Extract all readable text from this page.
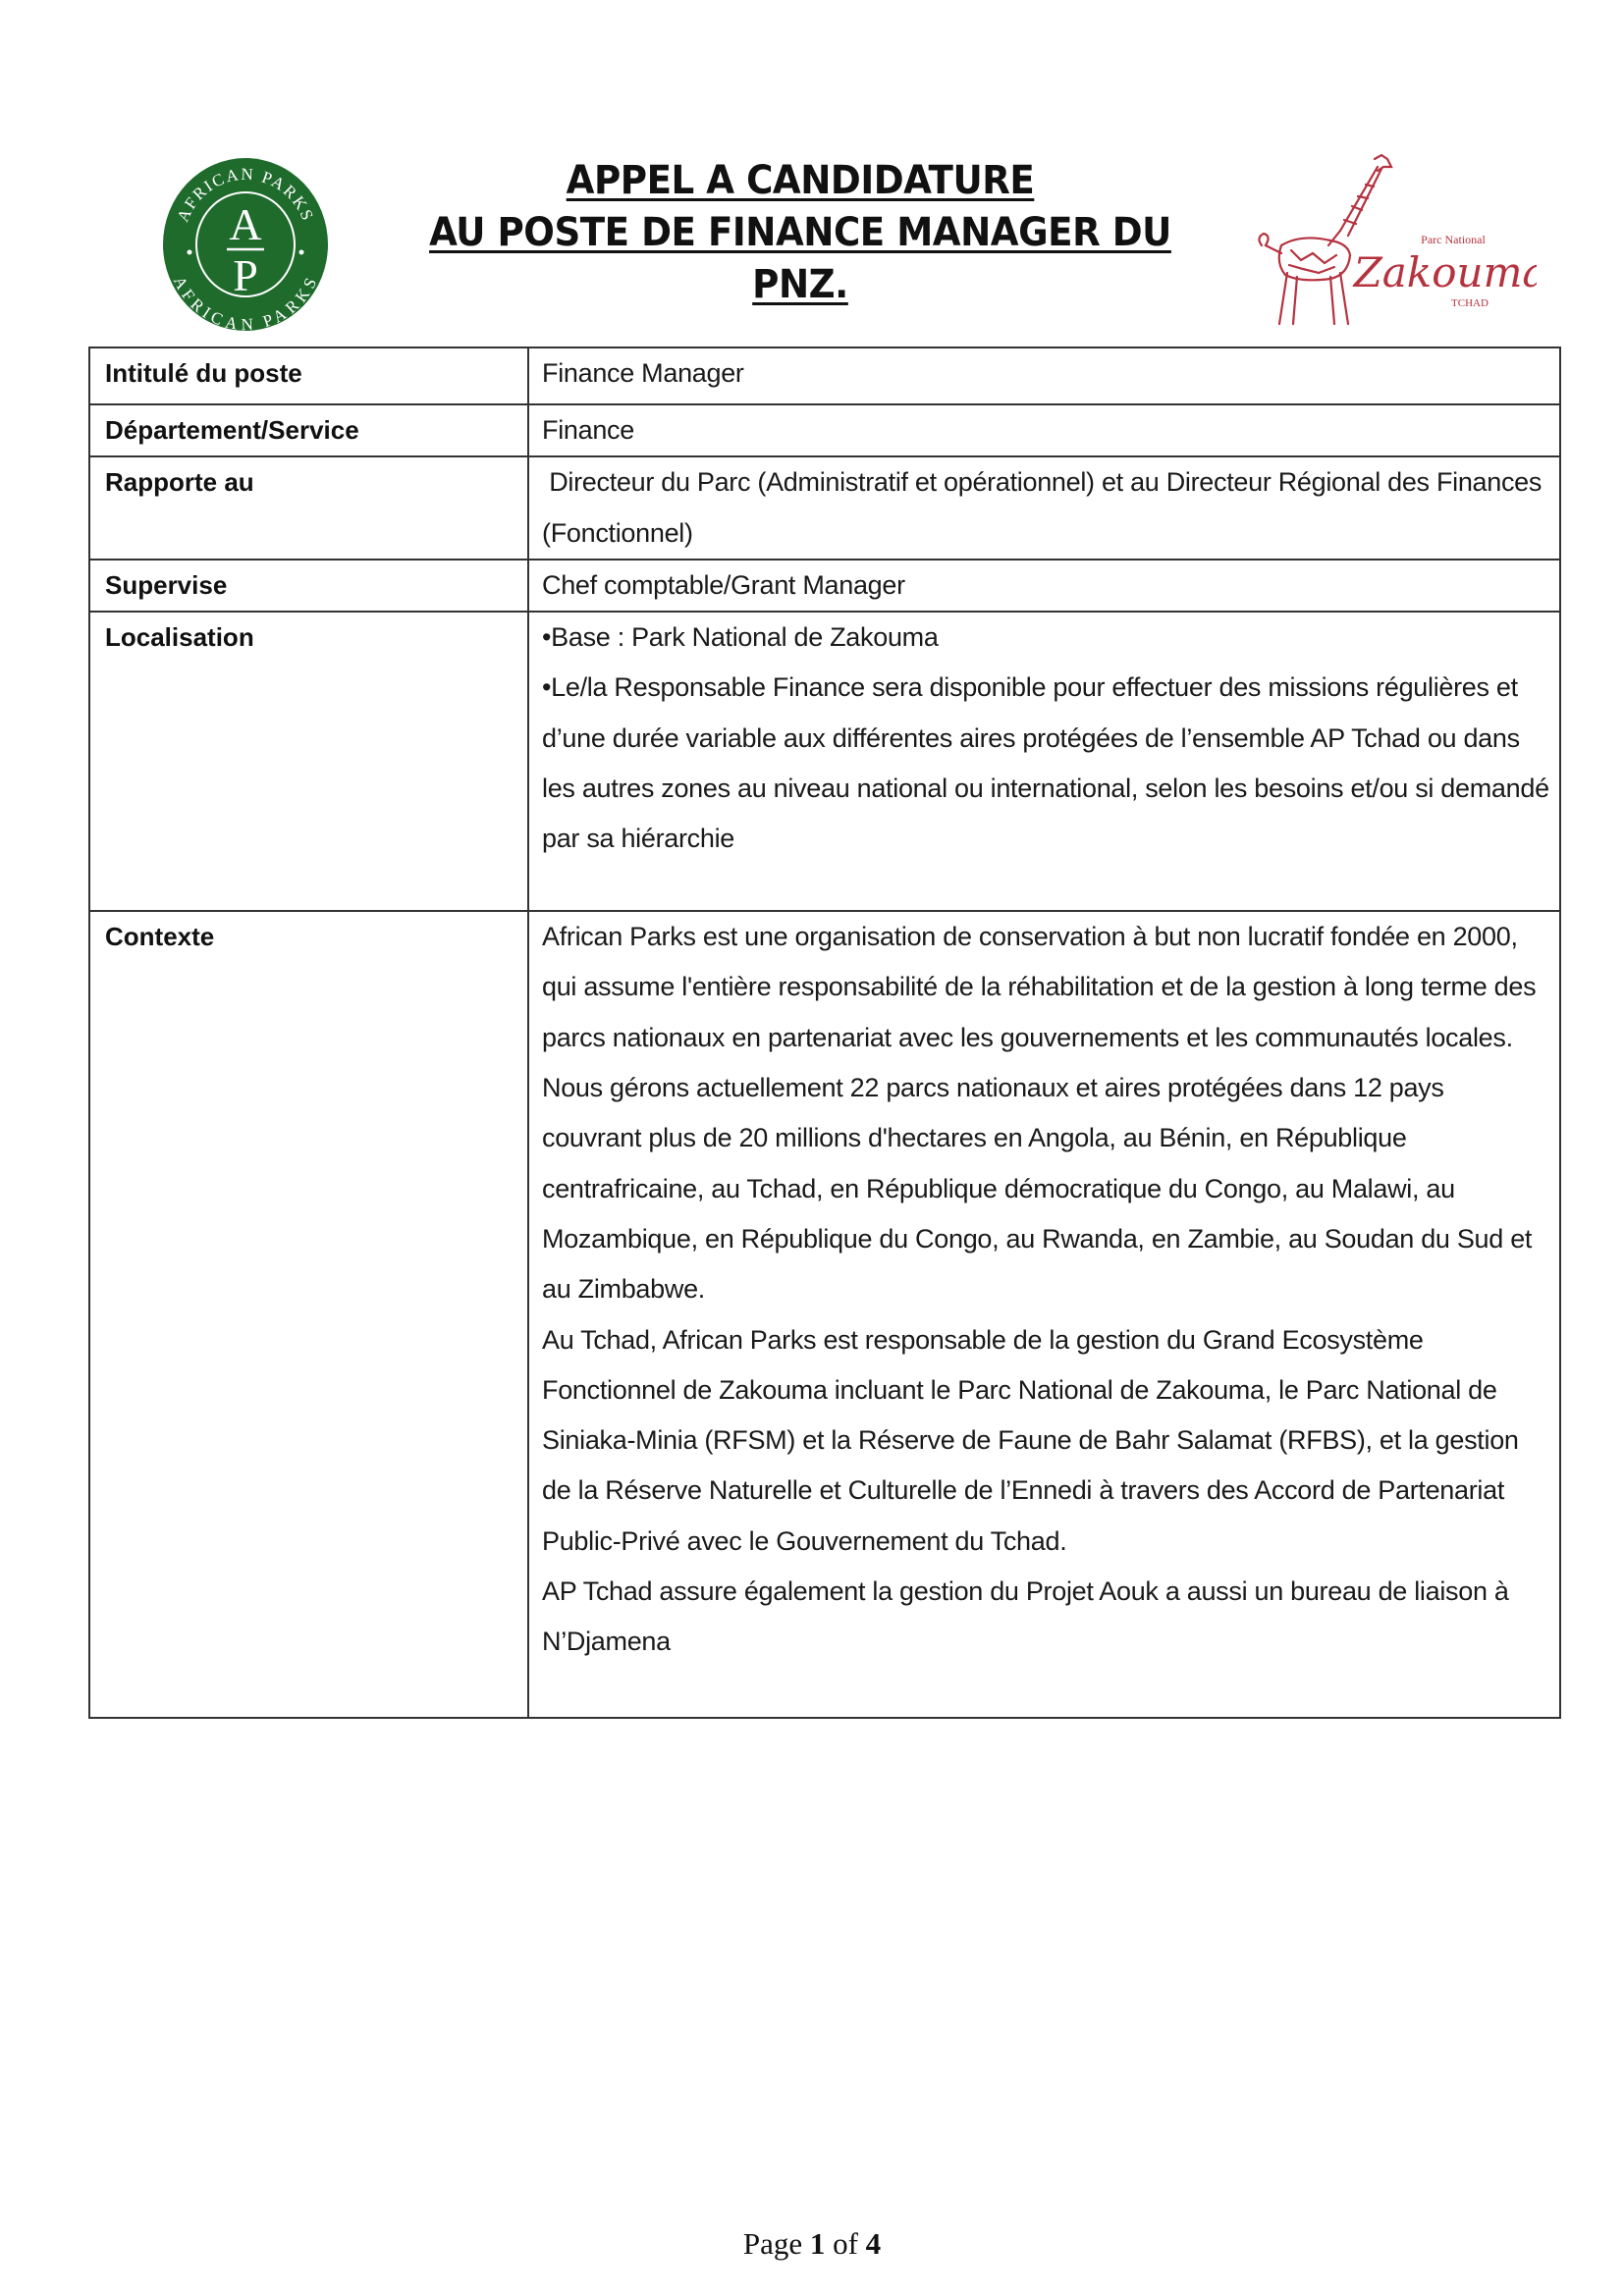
AFRICAN PARKS
AFRICAN PARKS
A
P
APPEL A CANDIDATURE
AU POSTE DE FINANCE MANAGER DU
PNZ.
Parc National
Zakouma
TCHAD
Intitulé du poste	Finance Manager

Département/Service	Finance

Rapporte au	Directeur du Parc (Administratif et opérationnel) et au Directeur Régional des Finances (Fonctionnel)

Supervise	Chef comptable/Grant Manager

Localisation	•Base : Park National de Zakouma

•Le/la Responsable Finance sera disponible pour effectuer des missions régulières et d’une durée variable aux différentes aires protégées de l’ensemble AP Tchad ou dans les autres zones au niveau national ou international, selon les besoins et/ou si demandé par sa hiérarchie

Contexte	African Parks est une organisation de conservation à but non lucratif fondée en 2000, qui assume l'entière responsabilité de la réhabilitation et de la gestion à long terme des parcs nationaux en partenariat avec les gouvernements et les communautés locales. Nous gérons actuellement 22 parcs nationaux et aires protégées dans 12 pays couvrant plus de 20 millions d'hectares en Angola, au Bénin, en République centrafricaine, au Tchad, en République démocratique du Congo, au Malawi, au Mozambique, en République du Congo, au Rwanda, en Zambie, au Soudan du Sud et au Zimbabwe.

Au Tchad, African Parks est responsable de la gestion du Grand Ecosystème Fonctionnel de Zakouma incluant le Parc National de Zakouma, le Parc National de Siniaka-Minia (RFSM) et la Réserve de Faune de Bahr Salamat (RFBS), et la gestion de la Réserve Naturelle et Culturelle de l’Ennedi à travers des Accord de Partenariat Public-Privé avec le Gouvernement du Tchad.

AP Tchad assure également la gestion du Projet Aouk a aussi un bureau de liaison à N’Djamena

Page 1 of 4
